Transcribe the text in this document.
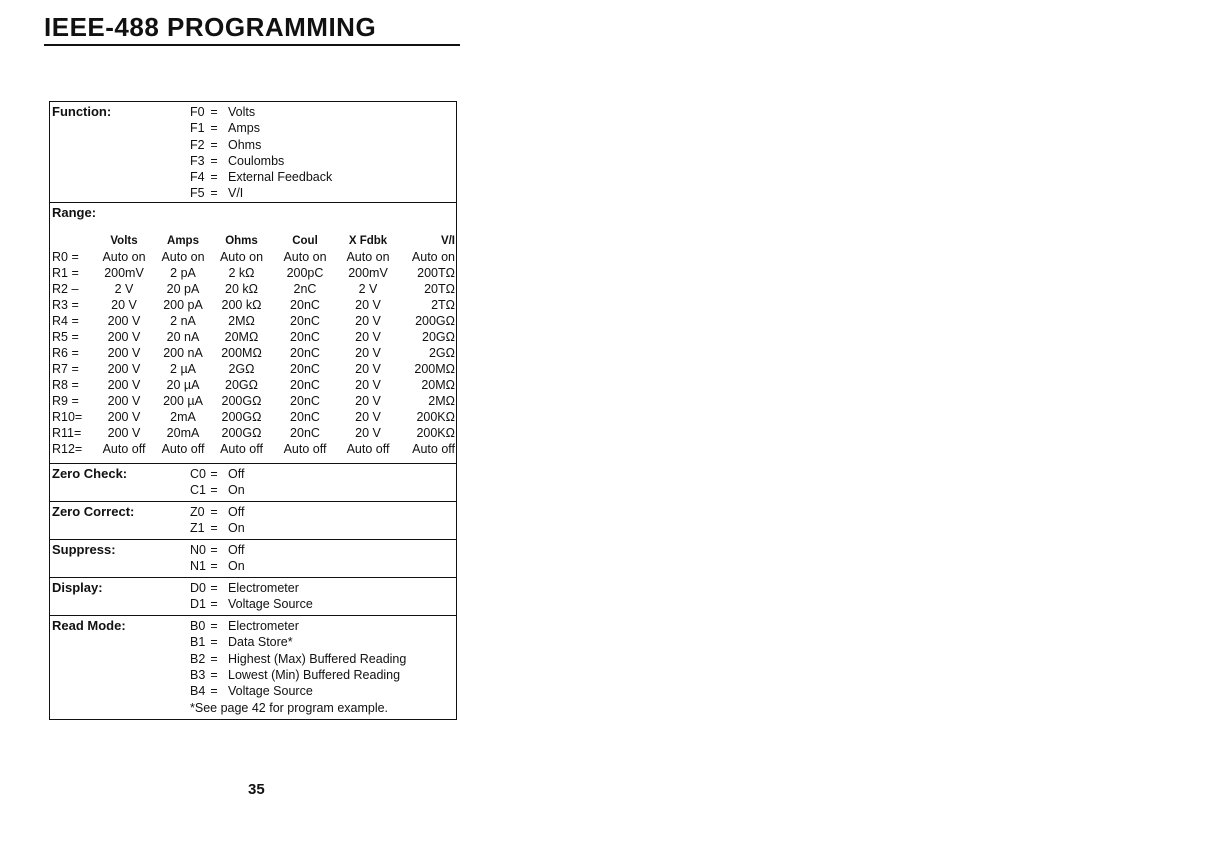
IEEE-488 PROGRAMMING
Function:	F0 = Volts
F1 = Amps
F2 = Ohms
F3 = Coulombs
F4 = External Feedback
F5 = V/I
Range:
Volts	Amps	Ohms	Coul	X Fdbk	V/I
R0 = Auto on	Auto on	Auto on	Auto on	Auto on	Auto on
R1 =	200mV	2 pA	2 kΩ	200pC	200mV	200TΩ
R2 –	2 V	20 pA	20 kΩ	2nC	2 V	20TΩ
R3 =	20 V	200 pA	200 kΩ	20nC	20 V	2TΩ
R4 =	200 V	2 nA	2MΩ	20nC	20 V	200GΩ
R5 =	200 V	20 nA	20MΩ	20nC	20 V	20GΩ
R6 =	200 V	200 nA	200MΩ	20nC	20 V	2GΩ
R7 =	200 V	2 µA	2GΩ	20nC	20 V	200MΩ
R8 =	200 V	20 µA	20GΩ	20nC	20 V	20MΩ
R9 =	200 V	200 µA	200GΩ	20nC	20 V	2MΩ
R10=	200 V	2mA	200GΩ	20nC	20 V	200KΩ
R11=	200 V	20mA	200GΩ	20nC	20 V	200KΩ
R12= Auto off	Auto off	Auto off	Auto off	Auto off	Auto off
Zero Check:	C0 = Off
C1 = On
Zero Correct:	Z0 = Off
Z1 = On
Suppress:	N0 = Off
N1 = On
Display:	D0 = Electrometer
D1 = Voltage Source
Read Mode:	B0 = Electrometer
B1 = Data Store*
B2 = Highest (Max) Buffered Reading
B3 = Lowest (Min) Buffered Reading
B4 = Voltage Source
*See page 42 for program example.
35
